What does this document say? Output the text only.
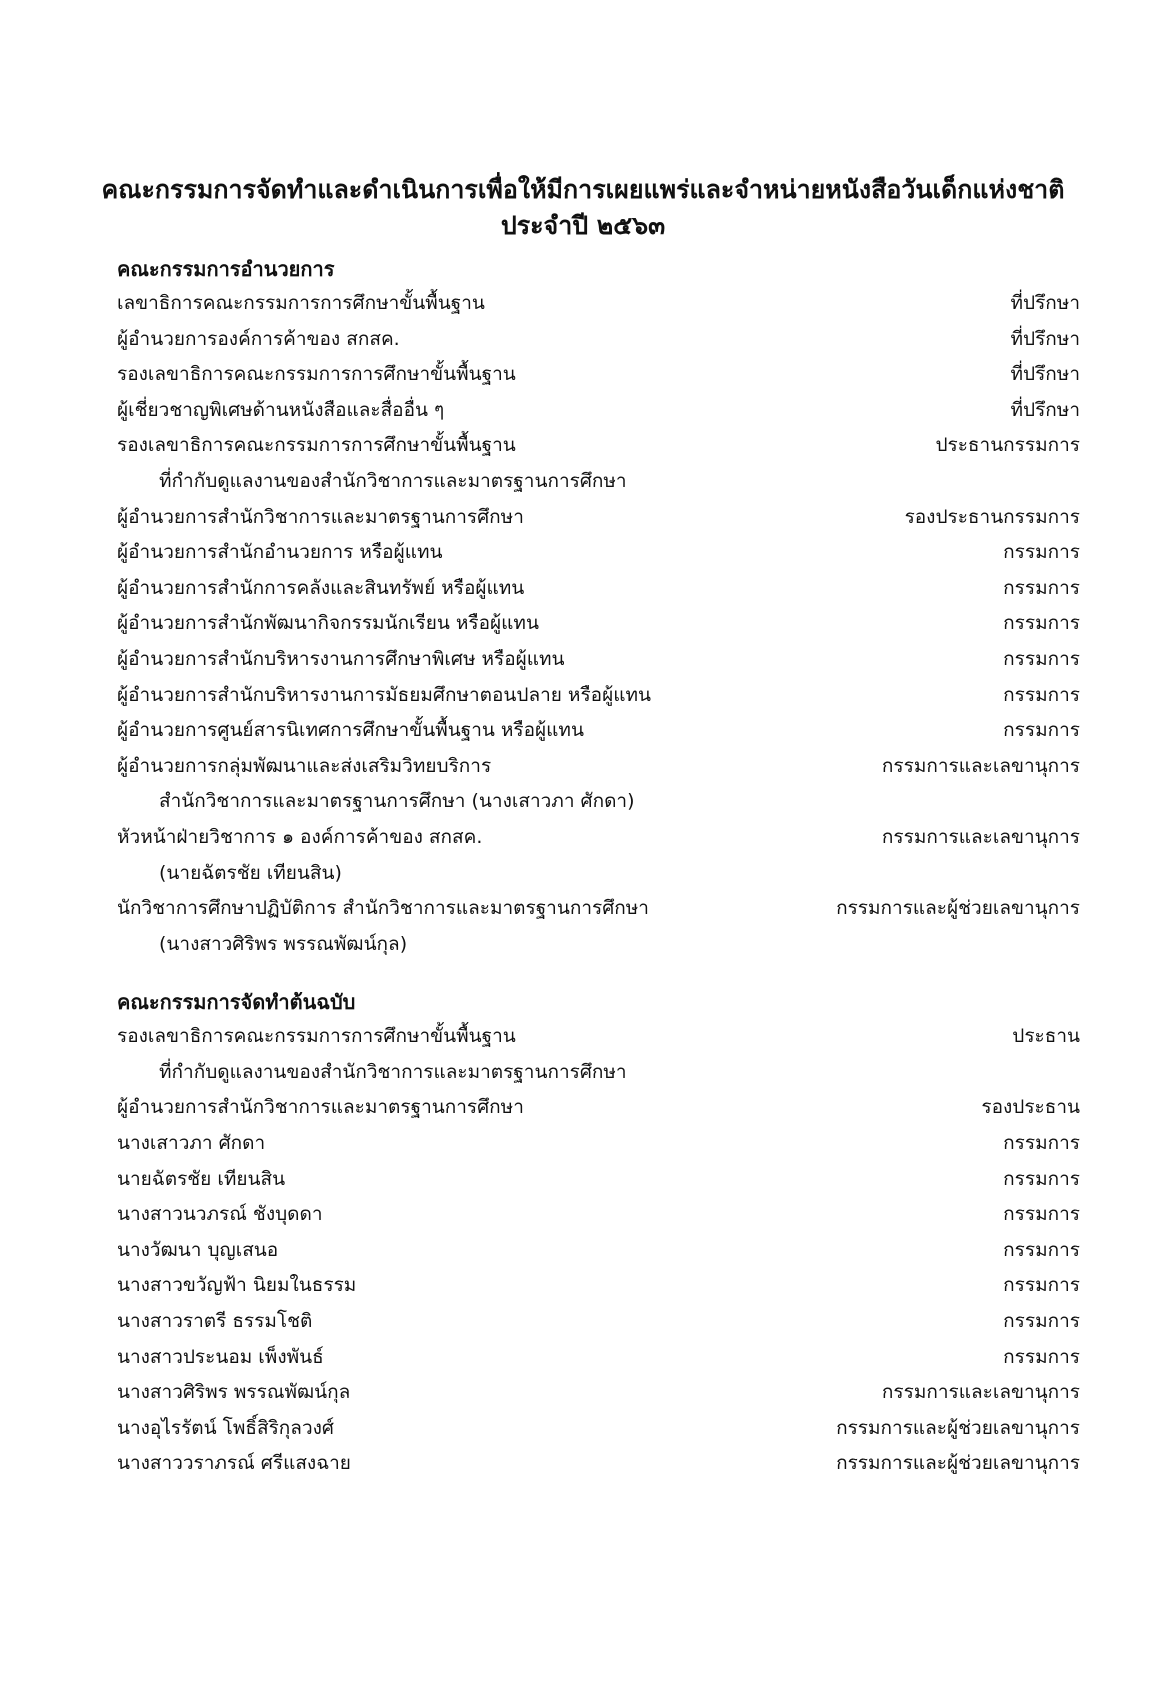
คณะกรรมการจัดทำและดำเนินการเพื่อให้มีการเผยแพร่และจำหน่ายหนังสือวันเด็กแห่งชาติ
ประจำปี ๒๕๖๓
คณะกรรมการอำนวยการ
เลขาธิการคณะกรรมการการศึกษาขั้นพื้นฐาน	ที่ปรึกษา
ผู้อำนวยการองค์การค้าของ สกสค.	ที่ปรึกษา
รองเลขาธิการคณะกรรมการการศึกษาขั้นพื้นฐาน	ที่ปรึกษา
ผู้เชี่ยวชาญพิเศษด้านหนังสือและสื่ออื่น ๆ	ที่ปรึกษา
รองเลขาธิการคณะกรรมการการศึกษาขั้นพื้นฐาน	ประธานกรรมการ
ที่กำกับดูแลงานของสำนักวิชาการและมาตรฐานการศึกษา
ผู้อำนวยการสำนักวิชาการและมาตรฐานการศึกษา	รองประธานกรรมการ
ผู้อำนวยการสำนักอำนวยการ หรือผู้แทน	กรรมการ
ผู้อำนวยการสำนักการคลังและสินทรัพย์ หรือผู้แทน	กรรมการ
ผู้อำนวยการสำนักพัฒนากิจกรรมนักเรียน หรือผู้แทน	กรรมการ
ผู้อำนวยการสำนักบริหารงานการศึกษาพิเศษ หรือผู้แทน	กรรมการ
ผู้อำนวยการสำนักบริหารงานการมัธยมศึกษาตอนปลาย หรือผู้แทน	กรรมการ
ผู้อำนวยการศูนย์สารนิเทศการศึกษาขั้นพื้นฐาน หรือผู้แทน	กรรมการ
ผู้อำนวยการกลุ่มพัฒนาและส่งเสริมวิทยบริการ	กรรมการและเลขานุการ
สำนักวิชาการและมาตรฐานการศึกษา (นางเสาวภา ศักดา)
หัวหน้าฝ่ายวิชาการ ๑ องค์การค้าของ สกสค.	กรรมการและเลขานุการ
(นายฉัตรชัย เทียนสิน)
นักวิชาการศึกษาปฏิบัติการ สำนักวิชาการและมาตรฐานการศึกษา	กรรมการและผู้ช่วยเลขานุการ
(นางสาวศิริพร พรรณพัฒน์กุล)
คณะกรรมการจัดทำต้นฉบับ
รองเลขาธิการคณะกรรมการการศึกษาขั้นพื้นฐาน	ประธาน
ที่กำกับดูแลงานของสำนักวิชาการและมาตรฐานการศึกษา
ผู้อำนวยการสำนักวิชาการและมาตรฐานการศึกษา	รองประธาน
นางเสาวภา ศักดา	กรรมการ
นายฉัตรชัย เทียนสิน	กรรมการ
นางสาวนวภรณ์ ชังบุดดา	กรรมการ
นางวัฒนา บุญเสนอ	กรรมการ
นางสาวขวัญฟ้า นิยมในธรรม	กรรมการ
นางสาวราตรี ธรรมโชติ	กรรมการ
นางสาวประนอม เพ็งพันธ์	กรรมการ
นางสาวศิริพร พรรณพัฒน์กุล	กรรมการและเลขานุการ
นางอุไรรัตน์ โพธิ์สิริกุลวงศ์	กรรมการและผู้ช่วยเลขานุการ
นางสาววราภรณ์ ศรีแสงฉาย	กรรมการและผู้ช่วยเลขานุการ
